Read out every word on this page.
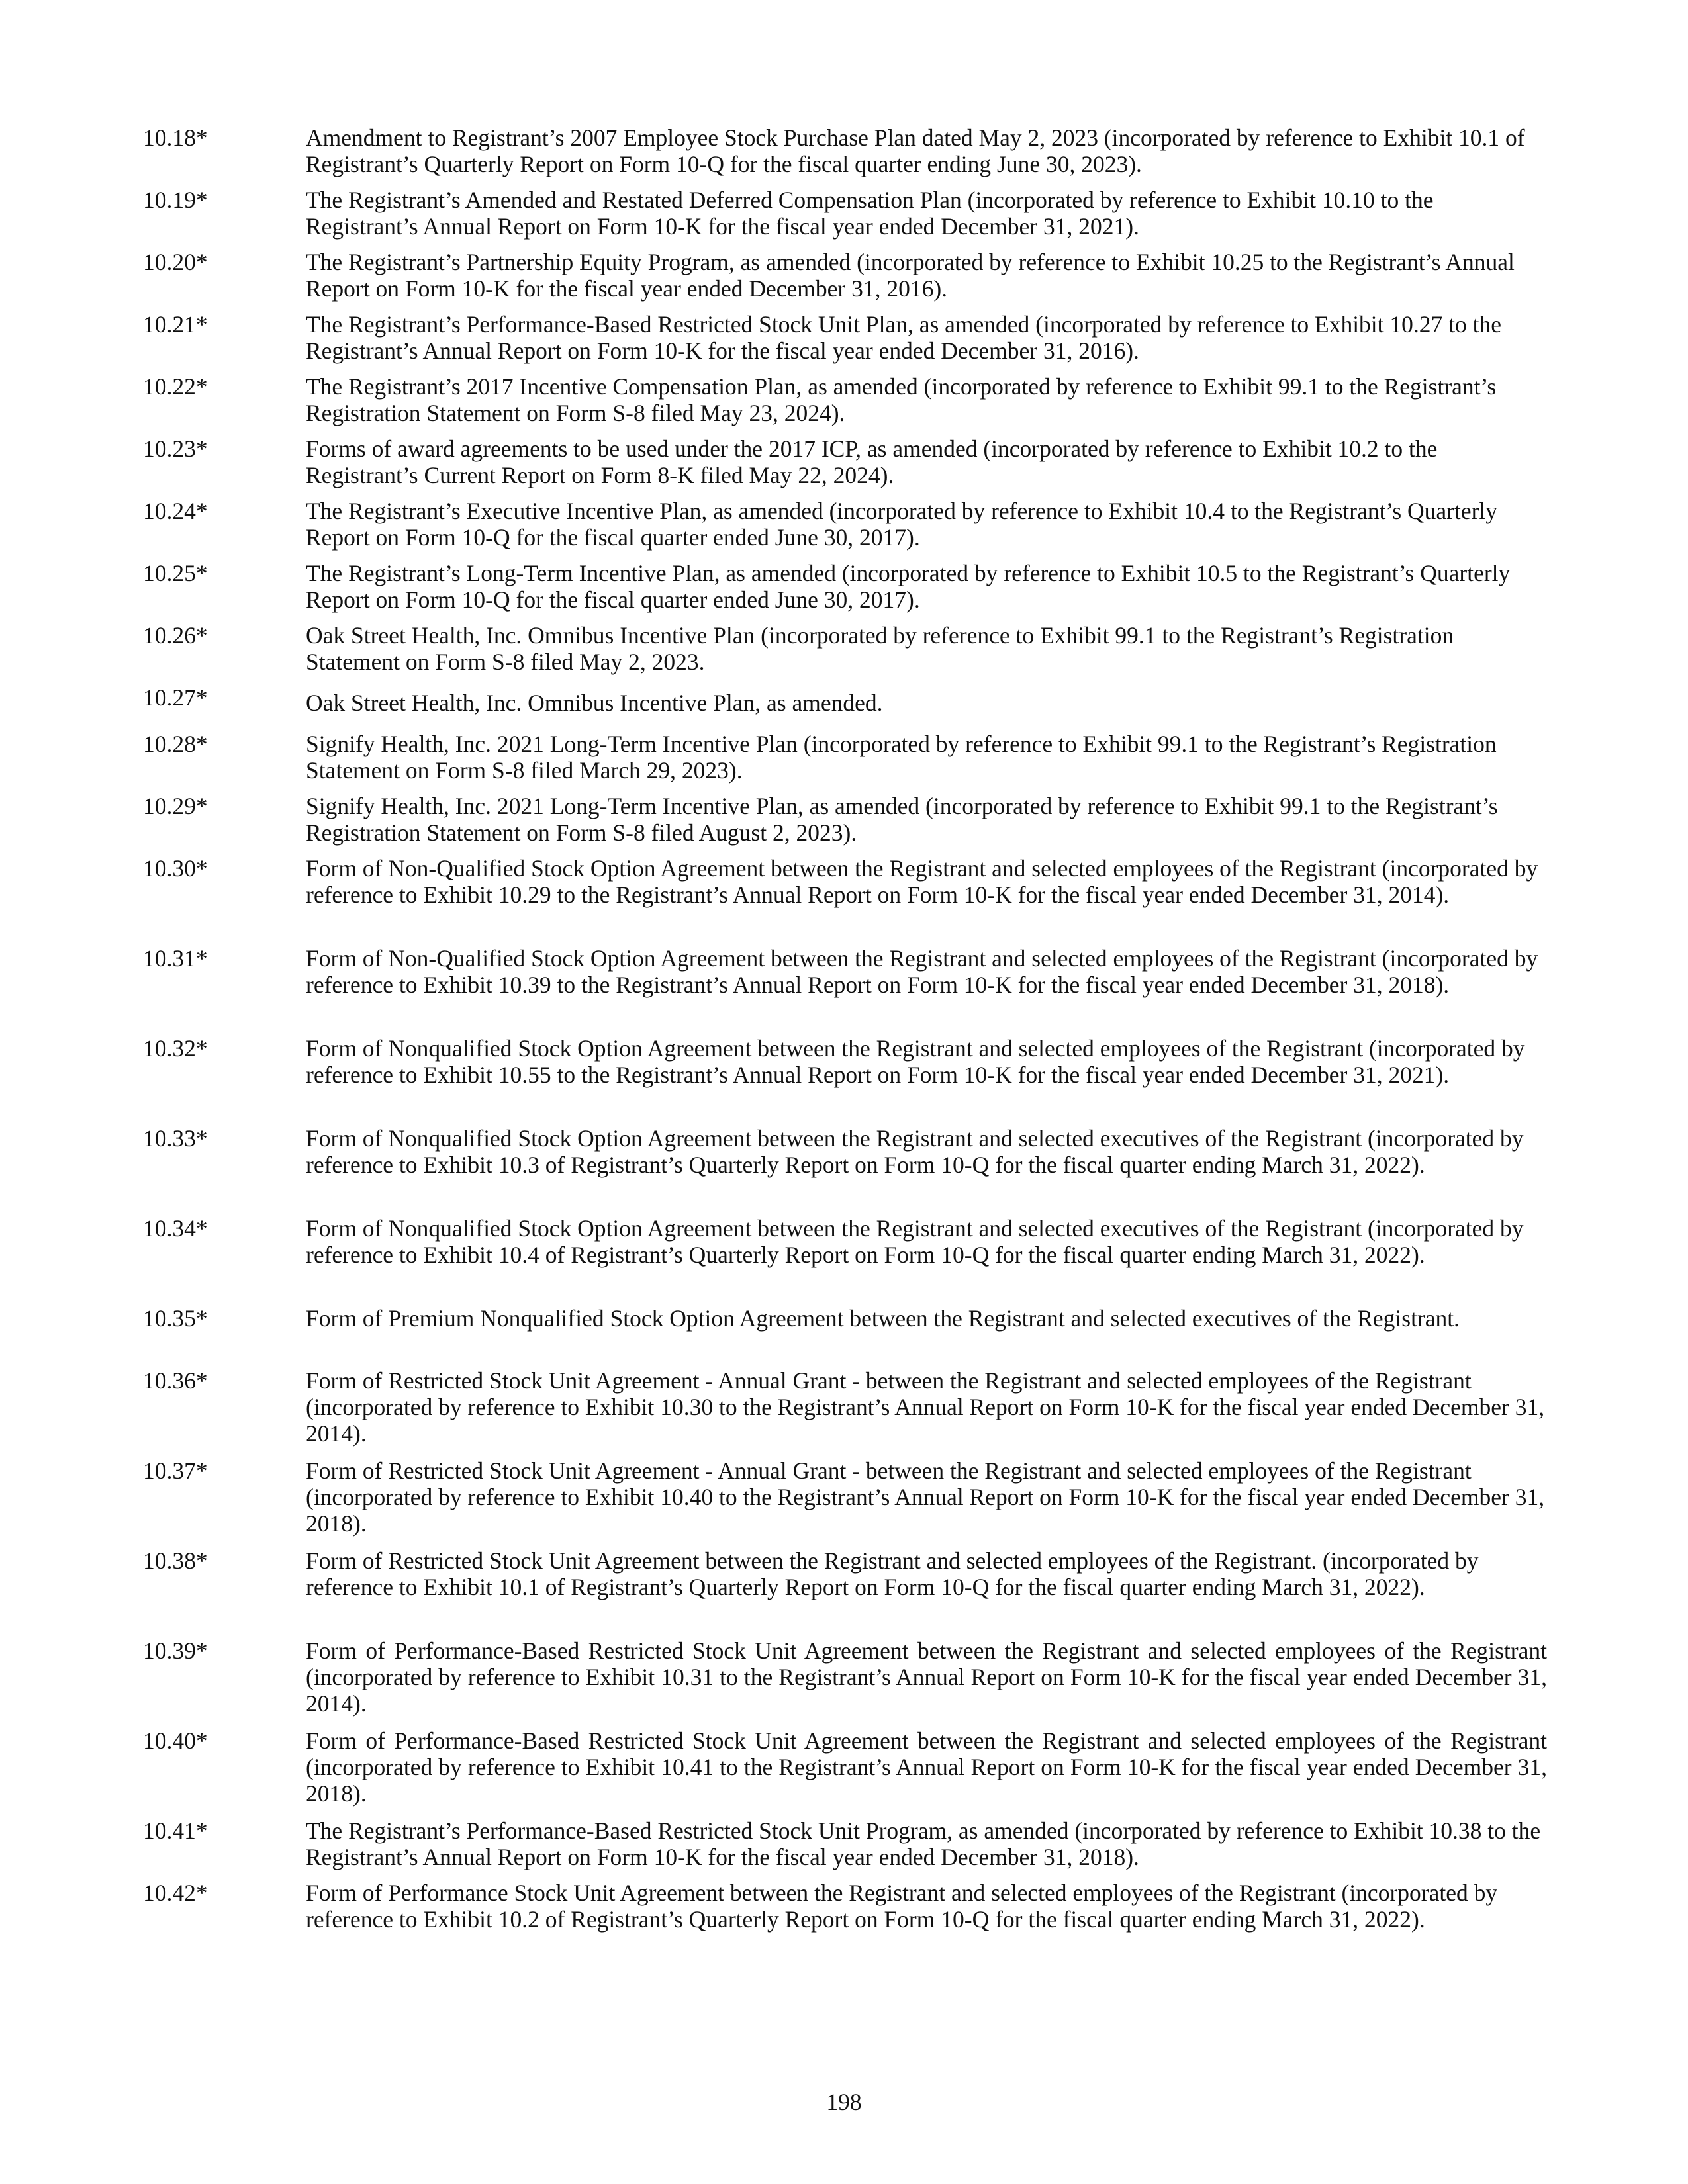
10.18*	Amendment to Registrant’s 2007 Employee Stock Purchase Plan dated May 2, 2023 (incorporated by reference to Exhibit 10.1 of Registrant’s Quarterly Report on Form 10-Q for the fiscal quarter ending June 30, 2023).
10.19*	The Registrant’s Amended and Restated Deferred Compensation Plan (incorporated by reference to Exhibit 10.10 to the Registrant’s Annual Report on Form 10-K for the fiscal year ended December 31, 2021).
10.20*	The Registrant’s Partnership Equity Program, as amended (incorporated by reference to Exhibit 10.25 to the Registrant’s Annual Report on Form 10-K for the fiscal year ended December 31, 2016).
10.21*	The Registrant’s Performance-Based Restricted Stock Unit Plan, as amended (incorporated by reference to Exhibit 10.27 to the Registrant’s Annual Report on Form 10-K for the fiscal year ended December 31, 2016).
10.22*	The Registrant’s 2017 Incentive Compensation Plan, as amended (incorporated by reference to Exhibit 99.1 to the Registrant’s Registration Statement on Form S-8 filed May 23, 2024).
10.23*	Forms of award agreements to be used under the 2017 ICP, as amended (incorporated by reference to Exhibit 10.2 to the Registrant’s Current Report on Form 8-K filed May 22, 2024).
10.24*	The Registrant’s Executive Incentive Plan, as amended (incorporated by reference to Exhibit 10.4 to the Registrant’s Quarterly Report on Form 10-Q for the fiscal quarter ended June 30, 2017).
10.25*	The Registrant’s Long-Term Incentive Plan, as amended (incorporated by reference to Exhibit 10.5 to the Registrant’s Quarterly Report on Form 10-Q for the fiscal quarter ended June 30, 2017).
10.26*	Oak Street Health, Inc. Omnibus Incentive Plan (incorporated by reference to Exhibit 99.1 to the Registrant’s Registration Statement on Form S-8 filed May 2, 2023.
10.27*	Oak Street Health, Inc. Omnibus Incentive Plan, as amended.
10.28*	Signify Health, Inc. 2021 Long-Term Incentive Plan (incorporated by reference to Exhibit 99.1 to the Registrant’s Registration Statement on Form S-8 filed March 29, 2023).
10.29*	Signify Health, Inc. 2021 Long-Term Incentive Plan, as amended (incorporated by reference to Exhibit 99.1 to the Registrant’s Registration Statement on Form S-8 filed August 2, 2023).
10.30*	Form of Non-Qualified Stock Option Agreement between the Registrant and selected employees of the Registrant (incorporated by reference to Exhibit 10.29 to the Registrant’s Annual Report on Form 10-K for the fiscal year ended December 31, 2014).
10.31*	Form of Non-Qualified Stock Option Agreement between the Registrant and selected employees of the Registrant (incorporated by reference to Exhibit 10.39 to the Registrant’s Annual Report on Form 10-K for the fiscal year ended December 31, 2018).
10.32*	Form of Nonqualified Stock Option Agreement between the Registrant and selected employees of the Registrant (incorporated by reference to Exhibit 10.55 to the Registrant’s Annual Report on Form 10-K for the fiscal year ended December 31, 2021).
10.33*	Form of Nonqualified Stock Option Agreement between the Registrant and selected executives of the Registrant (incorporated by reference to Exhibit 10.3 of Registrant’s Quarterly Report on Form 10-Q for the fiscal quarter ending March 31, 2022).
10.34*	Form of Nonqualified Stock Option Agreement between the Registrant and selected executives of the Registrant (incorporated by reference to Exhibit 10.4 of Registrant’s Quarterly Report on Form 10-Q for the fiscal quarter ending March 31, 2022).
10.35*	Form of Premium Nonqualified Stock Option Agreement between the Registrant and selected executives of the Registrant.
10.36*	Form of Restricted Stock Unit Agreement - Annual Grant - between the Registrant and selected employees of the Registrant (incorporated by reference to Exhibit 10.30 to the Registrant’s Annual Report on Form 10-K for the fiscal year ended December 31, 2014).
10.37*	Form of Restricted Stock Unit Agreement - Annual Grant - between the Registrant and selected employees of the Registrant (incorporated by reference to Exhibit 10.40 to the Registrant’s Annual Report on Form 10-K for the fiscal year ended December 31, 2018).
10.38*	Form of Restricted Stock Unit Agreement between the Registrant and selected employees of the Registrant. (incorporated by reference to Exhibit 10.1 of Registrant’s Quarterly Report on Form 10-Q for the fiscal quarter ending March 31, 2022).
10.39*	Form of Performance-Based Restricted Stock Unit Agreement between the Registrant and selected employees of the Registrant (incorporated by reference to Exhibit 10.31 to the Registrant’s Annual Report on Form 10-K for the fiscal year ended December 31, 2014).
10.40*	Form of Performance-Based Restricted Stock Unit Agreement between the Registrant and selected employees of the Registrant (incorporated by reference to Exhibit 10.41 to the Registrant’s Annual Report on Form 10-K for the fiscal year ended December 31, 2018).
10.41*	The Registrant’s Performance-Based Restricted Stock Unit Program, as amended (incorporated by reference to Exhibit 10.38 to the Registrant’s Annual Report on Form 10-K for the fiscal year ended December 31, 2018).
10.42*	Form of Performance Stock Unit Agreement between the Registrant and selected employees of the Registrant (incorporated by reference to Exhibit 10.2 of Registrant’s Quarterly Report on Form 10-Q for the fiscal quarter ending March 31, 2022).
198
